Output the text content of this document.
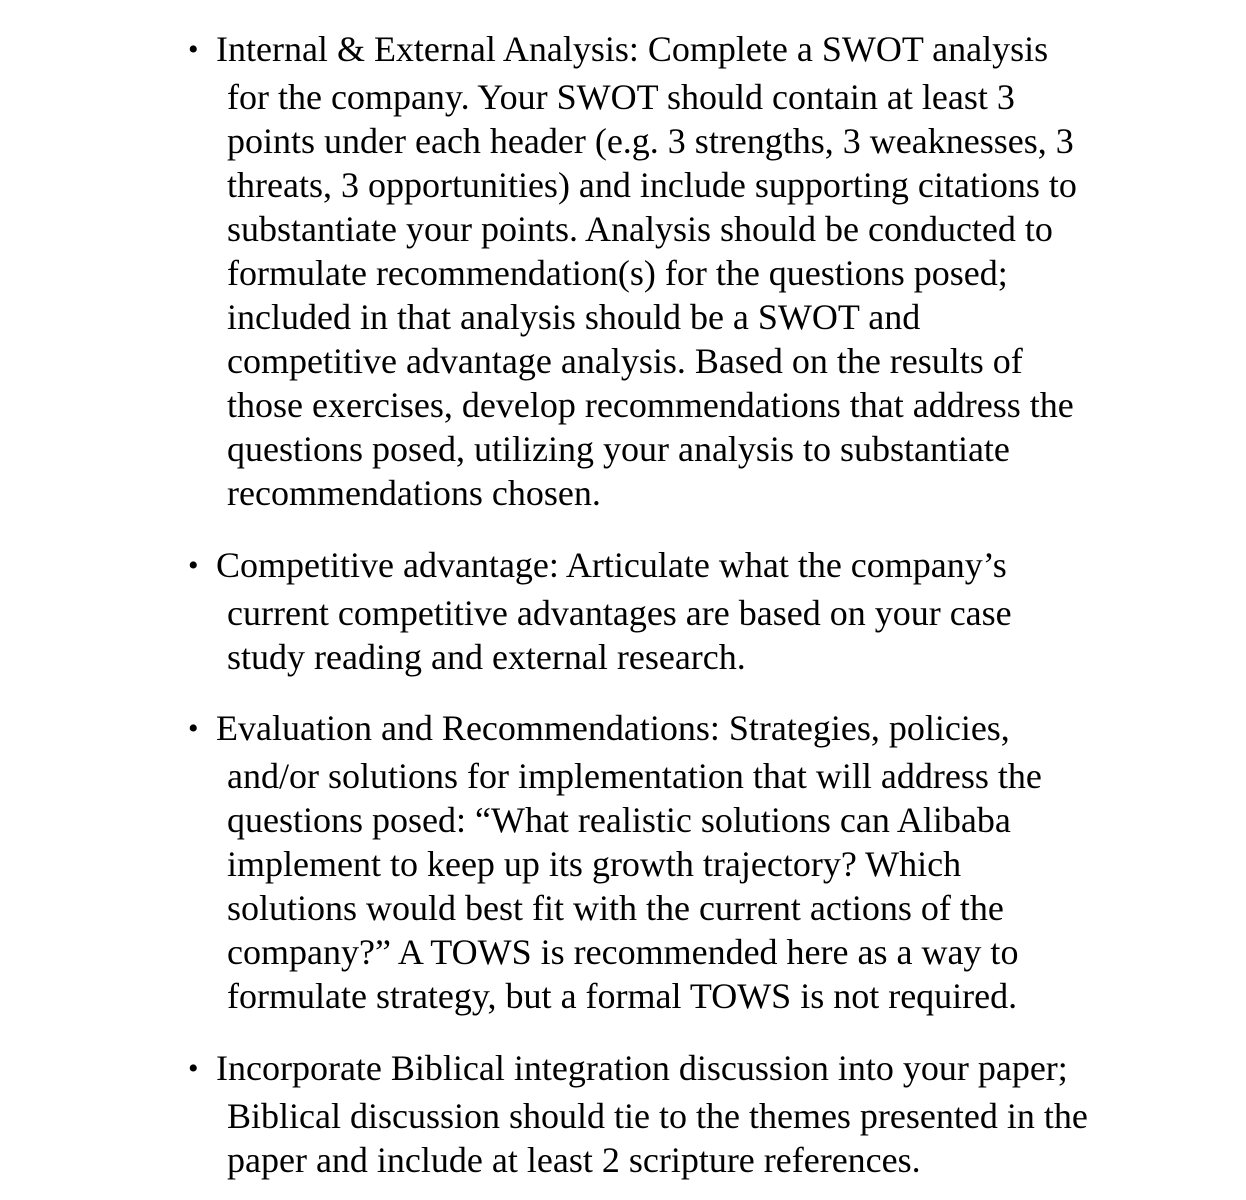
• Internal & External Analysis: Complete a SWOT analysis
for the company. Your SWOT should contain at least 3
points under each header (e.g. 3 strengths, 3 weaknesses, 3
threats, 3 opportunities) and include supporting citations to
substantiate your points. Analysis should be conducted to
formulate recommendation(s) for the questions posed;
included in that analysis should be a SWOT and
competitive advantage analysis. Based on the results of
those exercises, develop recommendations that address the
questions posed, utilizing your analysis to substantiate
recommendations chosen.
• Competitive advantage: Articulate what the company’s
current competitive advantages are based on your case
study reading and external research.
• Evaluation and Recommendations: Strategies, policies,
and/or solutions for implementation that will address the
questions posed: “What realistic solutions can Alibaba
implement to keep up its growth trajectory? Which
solutions would best fit with the current actions of the
company?” A TOWS is recommended here as a way to
formulate strategy, but a formal TOWS is not required.
• Incorporate Biblical integration discussion into your paper;
Biblical discussion should tie to the themes presented in the
paper and include at least 2 scripture references.
